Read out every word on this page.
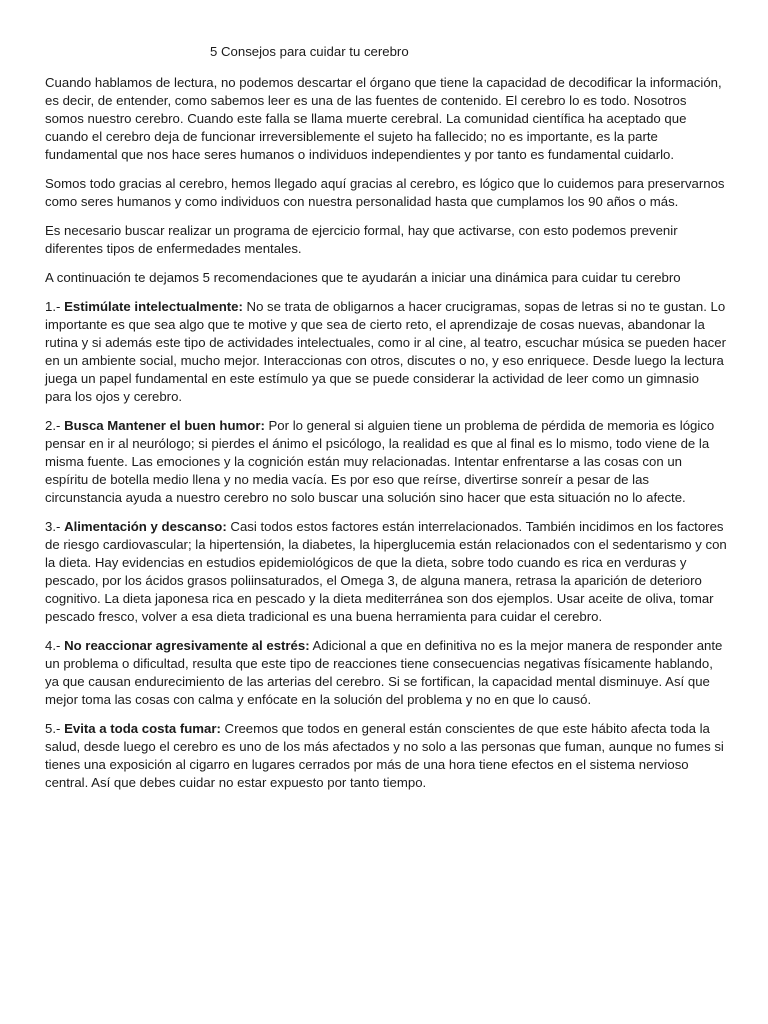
5 Consejos para cuidar tu cerebro

Cuando hablamos de lectura, no podemos descartar el órgano que tiene la capacidad de decodificar la información, es decir, de entender, como sabemos leer es una de las fuentes de contenido. El cerebro lo es todo. Nosotros somos nuestro cerebro. Cuando este falla se llama muerte cerebral. La comunidad científica ha aceptado que cuando el cerebro deja de funcionar irreversiblemente el sujeto ha fallecido; no es importante, es la parte fundamental que nos hace seres humanos o individuos independientes y por tanto es fundamental cuidarlo.

Somos todo gracias al cerebro, hemos llegado aquí gracias al cerebro, es lógico que lo cuidemos para preservarnos como seres humanos y como individuos con nuestra personalidad hasta que cumplamos los 90 años o más.

Es necesario buscar realizar un programa de ejercicio formal, hay que activarse, con esto podemos prevenir diferentes tipos de enfermedades mentales.

A continuación te dejamos 5 recomendaciones que te ayudarán a iniciar una dinámica para cuidar tu cerebro

1.- Estimúlate intelectualmente: No se trata de obligarnos a hacer crucigramas, sopas de letras si no te gustan. Lo importante es que sea algo que te motive y que sea de cierto reto, el aprendizaje de cosas nuevas, abandonar la rutina y si además este tipo de actividades intelectuales, como ir al cine, al teatro, escuchar música se pueden hacer en un ambiente social, mucho mejor. Interaccionas con otros, discutes o no, y eso enriquece. Desde luego la lectura juega un papel fundamental en este estímulo ya que se puede considerar la actividad de leer como un gimnasio para los ojos y cerebro.

2.- Busca Mantener el buen humor: Por lo general si alguien tiene un problema de pérdida de memoria es lógico pensar en ir al neurólogo; si pierdes el ánimo el psicólogo, la realidad es que al final es lo mismo, todo viene de la misma fuente. Las emociones y la cognición están muy relacionadas. Intentar enfrentarse a las cosas con un espíritu de botella medio llena y no media vacía. Es por eso que reírse, divertirse sonreír a pesar de las circunstancia ayuda a nuestro cerebro no solo buscar una solución sino hacer que esta situación no lo afecte.

3.- Alimentación y descanso: Casi todos estos factores están interrelacionados. También incidimos en los factores de riesgo cardiovascular; la hipertensión, la diabetes, la hiperglucemia están relacionados con el sedentarismo y con la dieta. Hay evidencias en estudios epidemiológicos de que la dieta, sobre todo cuando es rica en verduras y pescado, por los ácidos grasos poliinsaturados, el Omega 3, de alguna manera, retrasa la aparición de deterioro cognitivo. La dieta japonesa rica en pescado y la dieta mediterránea son dos ejemplos. Usar aceite de oliva, tomar pescado fresco, volver a esa dieta tradicional es una buena herramienta para cuidar el cerebro.

4.- No reaccionar agresivamente al estrés: Adicional a que en definitiva no es la mejor manera de responder ante un problema o dificultad, resulta que este tipo de reacciones tiene consecuencias negativas físicamente hablando, ya que causan endurecimiento de las arterias del cerebro. Si se fortifican, la capacidad mental disminuye. Así que mejor toma las cosas con calma y enfócate en la solución del problema y no en que lo causó.

5.- Evita a toda costa fumar: Creemos que todos en general están conscientes de que este hábito afecta toda la salud, desde luego el cerebro es uno de los más afectados y no solo a las personas que fuman, aunque no fumes si tienes una exposición al cigarro en lugares cerrados por más de una hora tiene efectos en el sistema nervioso central. Así que debes cuidar no estar expuesto por tanto tiempo.
